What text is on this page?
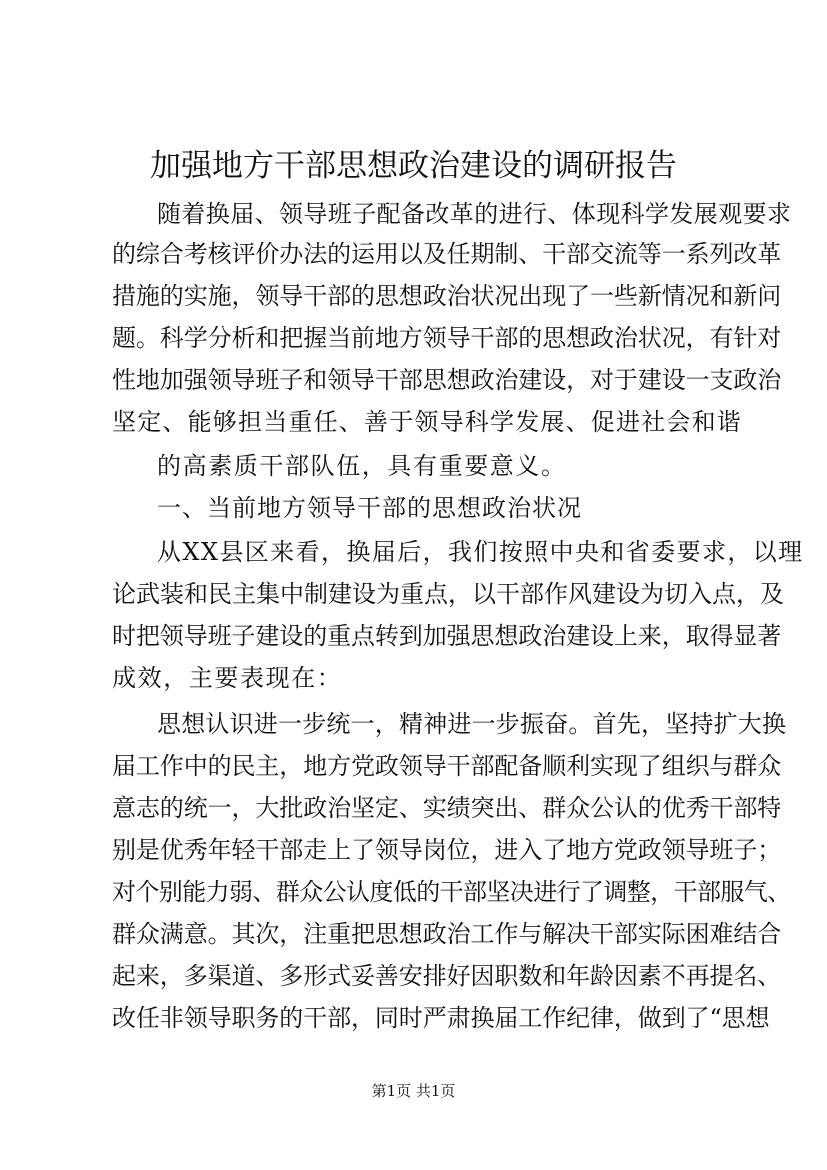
加强地方干部思想政治建设的调研报告
随着换届、领导班子配备改革的进行、体现科学发展观要求
的综合考核评价办法的运用以及任期制、干部交流等一系列改革
措施的实施，领导干部的思想政治状况出现了一些新情况和新问
题。科学分析和把握当前地方领导干部的思想政治状况，有针对
性地加强领导班子和领导干部思想政治建设，对于建设一支政治
坚定、能够担当重任、善于领导科学发展、促进社会和谐
的高素质干部队伍，具有重要意义。
一、当前地方领导干部的思想政治状况
从XX县区来看，换届后，我们按照中央和省委要求，以理
论武装和民主集中制建设为重点，以干部作风建设为切入点，及
时把领导班子建设的重点转到加强思想政治建设上来，取得显著
成效，主要表现在：
思想认识进一步统一，精神进一步振奋。首先，坚持扩大换
届工作中的民主，地方党政领导干部配备顺利实现了组织与群众
意志的统一，大批政治坚定、实绩突出、群众公认的优秀干部特
别是优秀年轻干部走上了领导岗位，进入了地方党政领导班子；
对个别能力弱、群众公认度低的干部坚决进行了调整，干部服气、
群众满意。其次，注重把思想政治工作与解决干部实际困难结合
起来，多渠道、多形式妥善安排好因职数和年龄因素不再提名、
改任非领导职务的干部，同时严肃换届工作纪律，做到了“思想
第1页 共1页
